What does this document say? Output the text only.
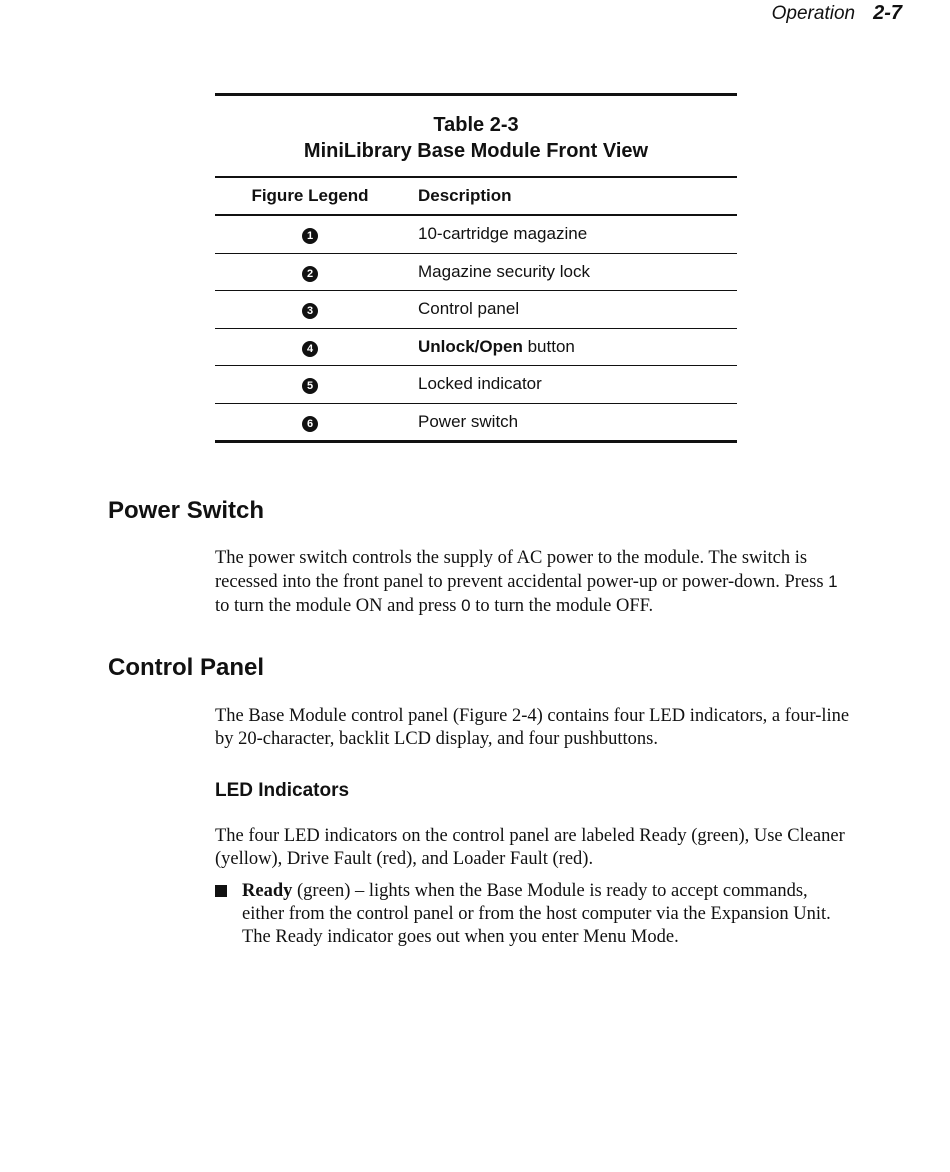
Operation 2-7
Table 2-3
MiniLibrary Base Module Front View
Figure Legend	Description
1	10-cartridge magazine
2	Magazine security lock
3	Control panel
4	Unlock/Open button
5	Locked indicator
6	Power switch
Power Switch
The power switch controls the supply of AC power to the module. The switch is recessed into the front panel to prevent accidental power-up or power-down. Press 1 to turn the module ON and press 0 to turn the module OFF.
Control Panel
The Base Module control panel (Figure 2-4) contains four LED indicators, a four-line by 20-character, backlit LCD display, and four pushbuttons.
LED Indicators
The four LED indicators on the control panel are labeled Ready (green), Use Cleaner (yellow), Drive Fault (red), and Loader Fault (red).
Ready (green) – lights when the Base Module is ready to accept commands, either from the control panel or from the host computer via the Expansion Unit. The Ready indicator goes out when you enter Menu Mode.
